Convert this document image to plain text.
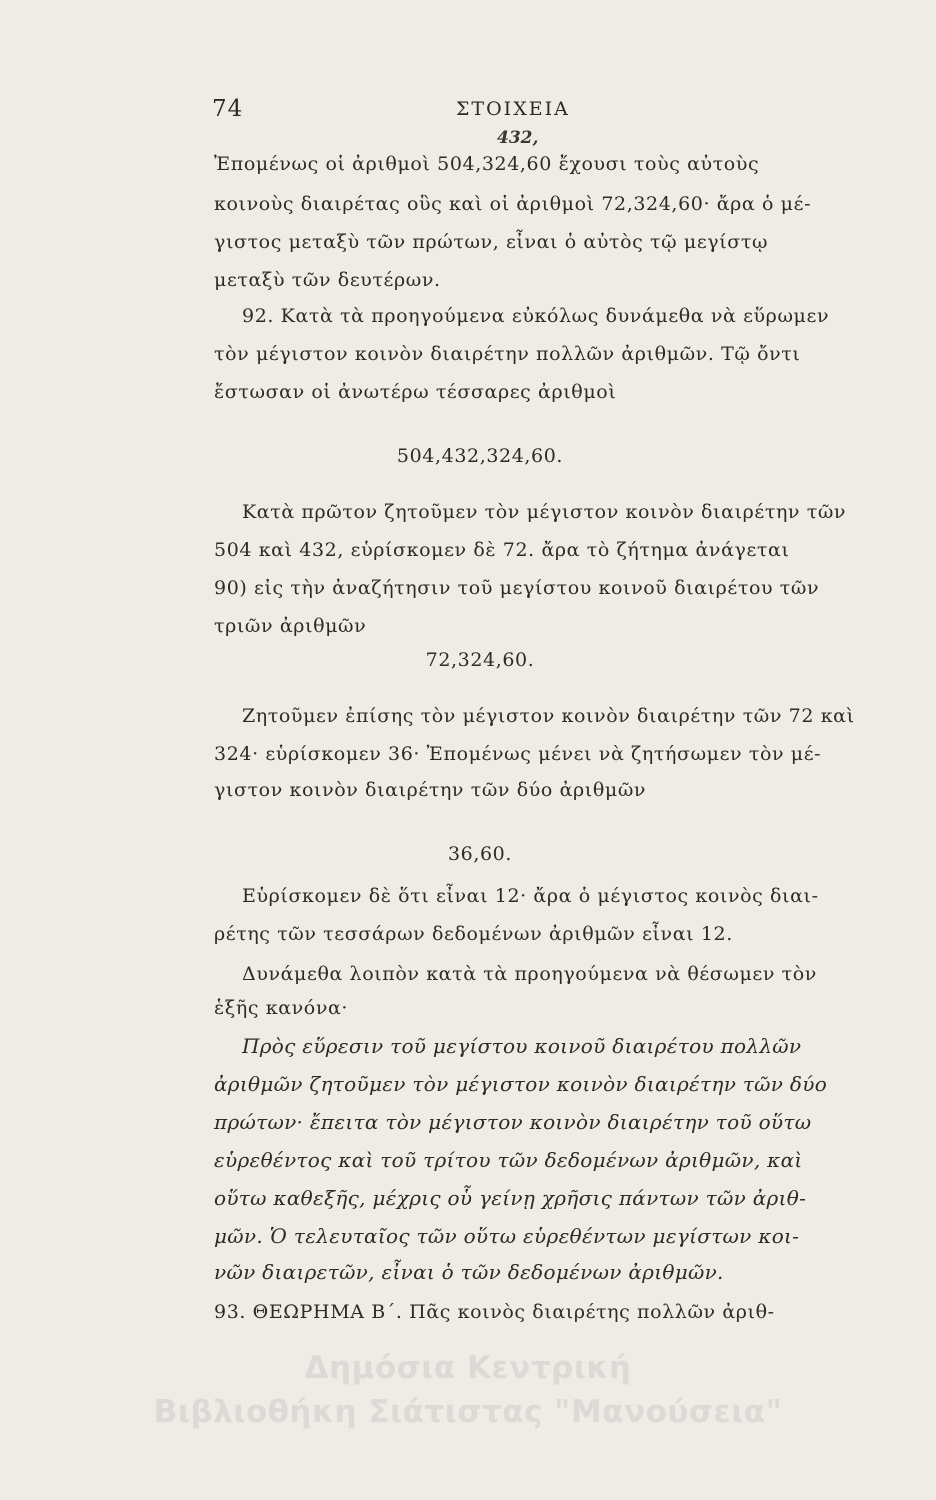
74	ΣΤΟΙΧΕΙΑ
432,
Ἐπομένως οἱ ἀριθμοὶ 504,324,60 ἔχουσι τοὺς αὐτοὺς
κοινοὺς διαιρέτας οὓς καὶ οἱ ἀριθμοὶ 72,324,60· ἄρα ὁ μέ-
γιστος μεταξὺ τῶν πρώτων, εἶναι ὁ αὐτὸς τῷ μεγίστῳ
μεταξὺ τῶν δευτέρων.
92. Κατὰ τὰ προηγούμενα εὐκόλως δυνάμεθα νὰ εὕρωμεν
τὸν μέγιστον κοινὸν διαιρέτην πολλῶν ἀριθμῶν. Τῷ ὄντι
ἔστωσαν οἱ ἀνωτέρω τέσσαρες ἀριθμοὶ
504,432,324,60.
Κατὰ πρῶτον ζητοῦμεν τὸν μέγιστον κοινὸν διαιρέτην τῶν
504 καὶ 432, εὑρίσκομεν δὲ 72. ἄρα τὸ ζήτημα ἀνάγεται
90) εἰς τὴν ἀναζήτησιν τοῦ μεγίστου κοινοῦ διαιρέτου τῶν
τριῶν ἀριθμῶν
72,324,60.
Ζητοῦμεν ἐπίσης τὸν μέγιστον κοινὸν διαιρέτην τῶν 72 καὶ
324· εὑρίσκομεν 36· Ἐπομένως μένει νὰ ζητήσωμεν τὸν μέ-
γιστον κοινὸν διαιρέτην τῶν δύο ἀριθμῶν
36,60.
Εὑρίσκομεν δὲ ὅτι εἶναι 12· ἄρα ὁ μέγιστος κοινὸς διαι-
ρέτης τῶν τεσσάρων δεδομένων ἀριθμῶν εἶναι 12.
Δυνάμεθα λοιπὸν κατὰ τὰ προηγούμενα νὰ θέσωμεν τὸν
ἑξῆς κανόνα·
Πρὸς εὕρεσιν τοῦ μεγίστου κοινοῦ διαιρέτου πολλῶν
ἀριθμῶν ζητοῦμεν τὸν μέγιστον κοινὸν διαιρέτην τῶν δύο
πρώτων· ἔπειτα τὸν μέγιστον κοινὸν διαιρέτην τοῦ οὕτω
εὑρεθέντος καὶ τοῦ τρίτου τῶν δεδομένων ἀριθμῶν, καὶ
οὕτω καθεξῆς, μέχρις οὗ γείνῃ χρῆσις πάντων τῶν ἀριθ-
μῶν. Ὁ τελευταῖος τῶν οὕτω εὑρεθέντων μεγίστων κοι-
νῶν διαιρετῶν, εἶναι ὁ τῶν δεδομένων ἀριθμῶν.
93. ΘΕΩΡΗΜΑ Β΄. Πᾶς κοινὸς διαιρέτης πολλῶν ἀριθ-
Δημόσια Κεντρική
Βιβλιοθήκη Σιάτιστας "Μανούσεια"
